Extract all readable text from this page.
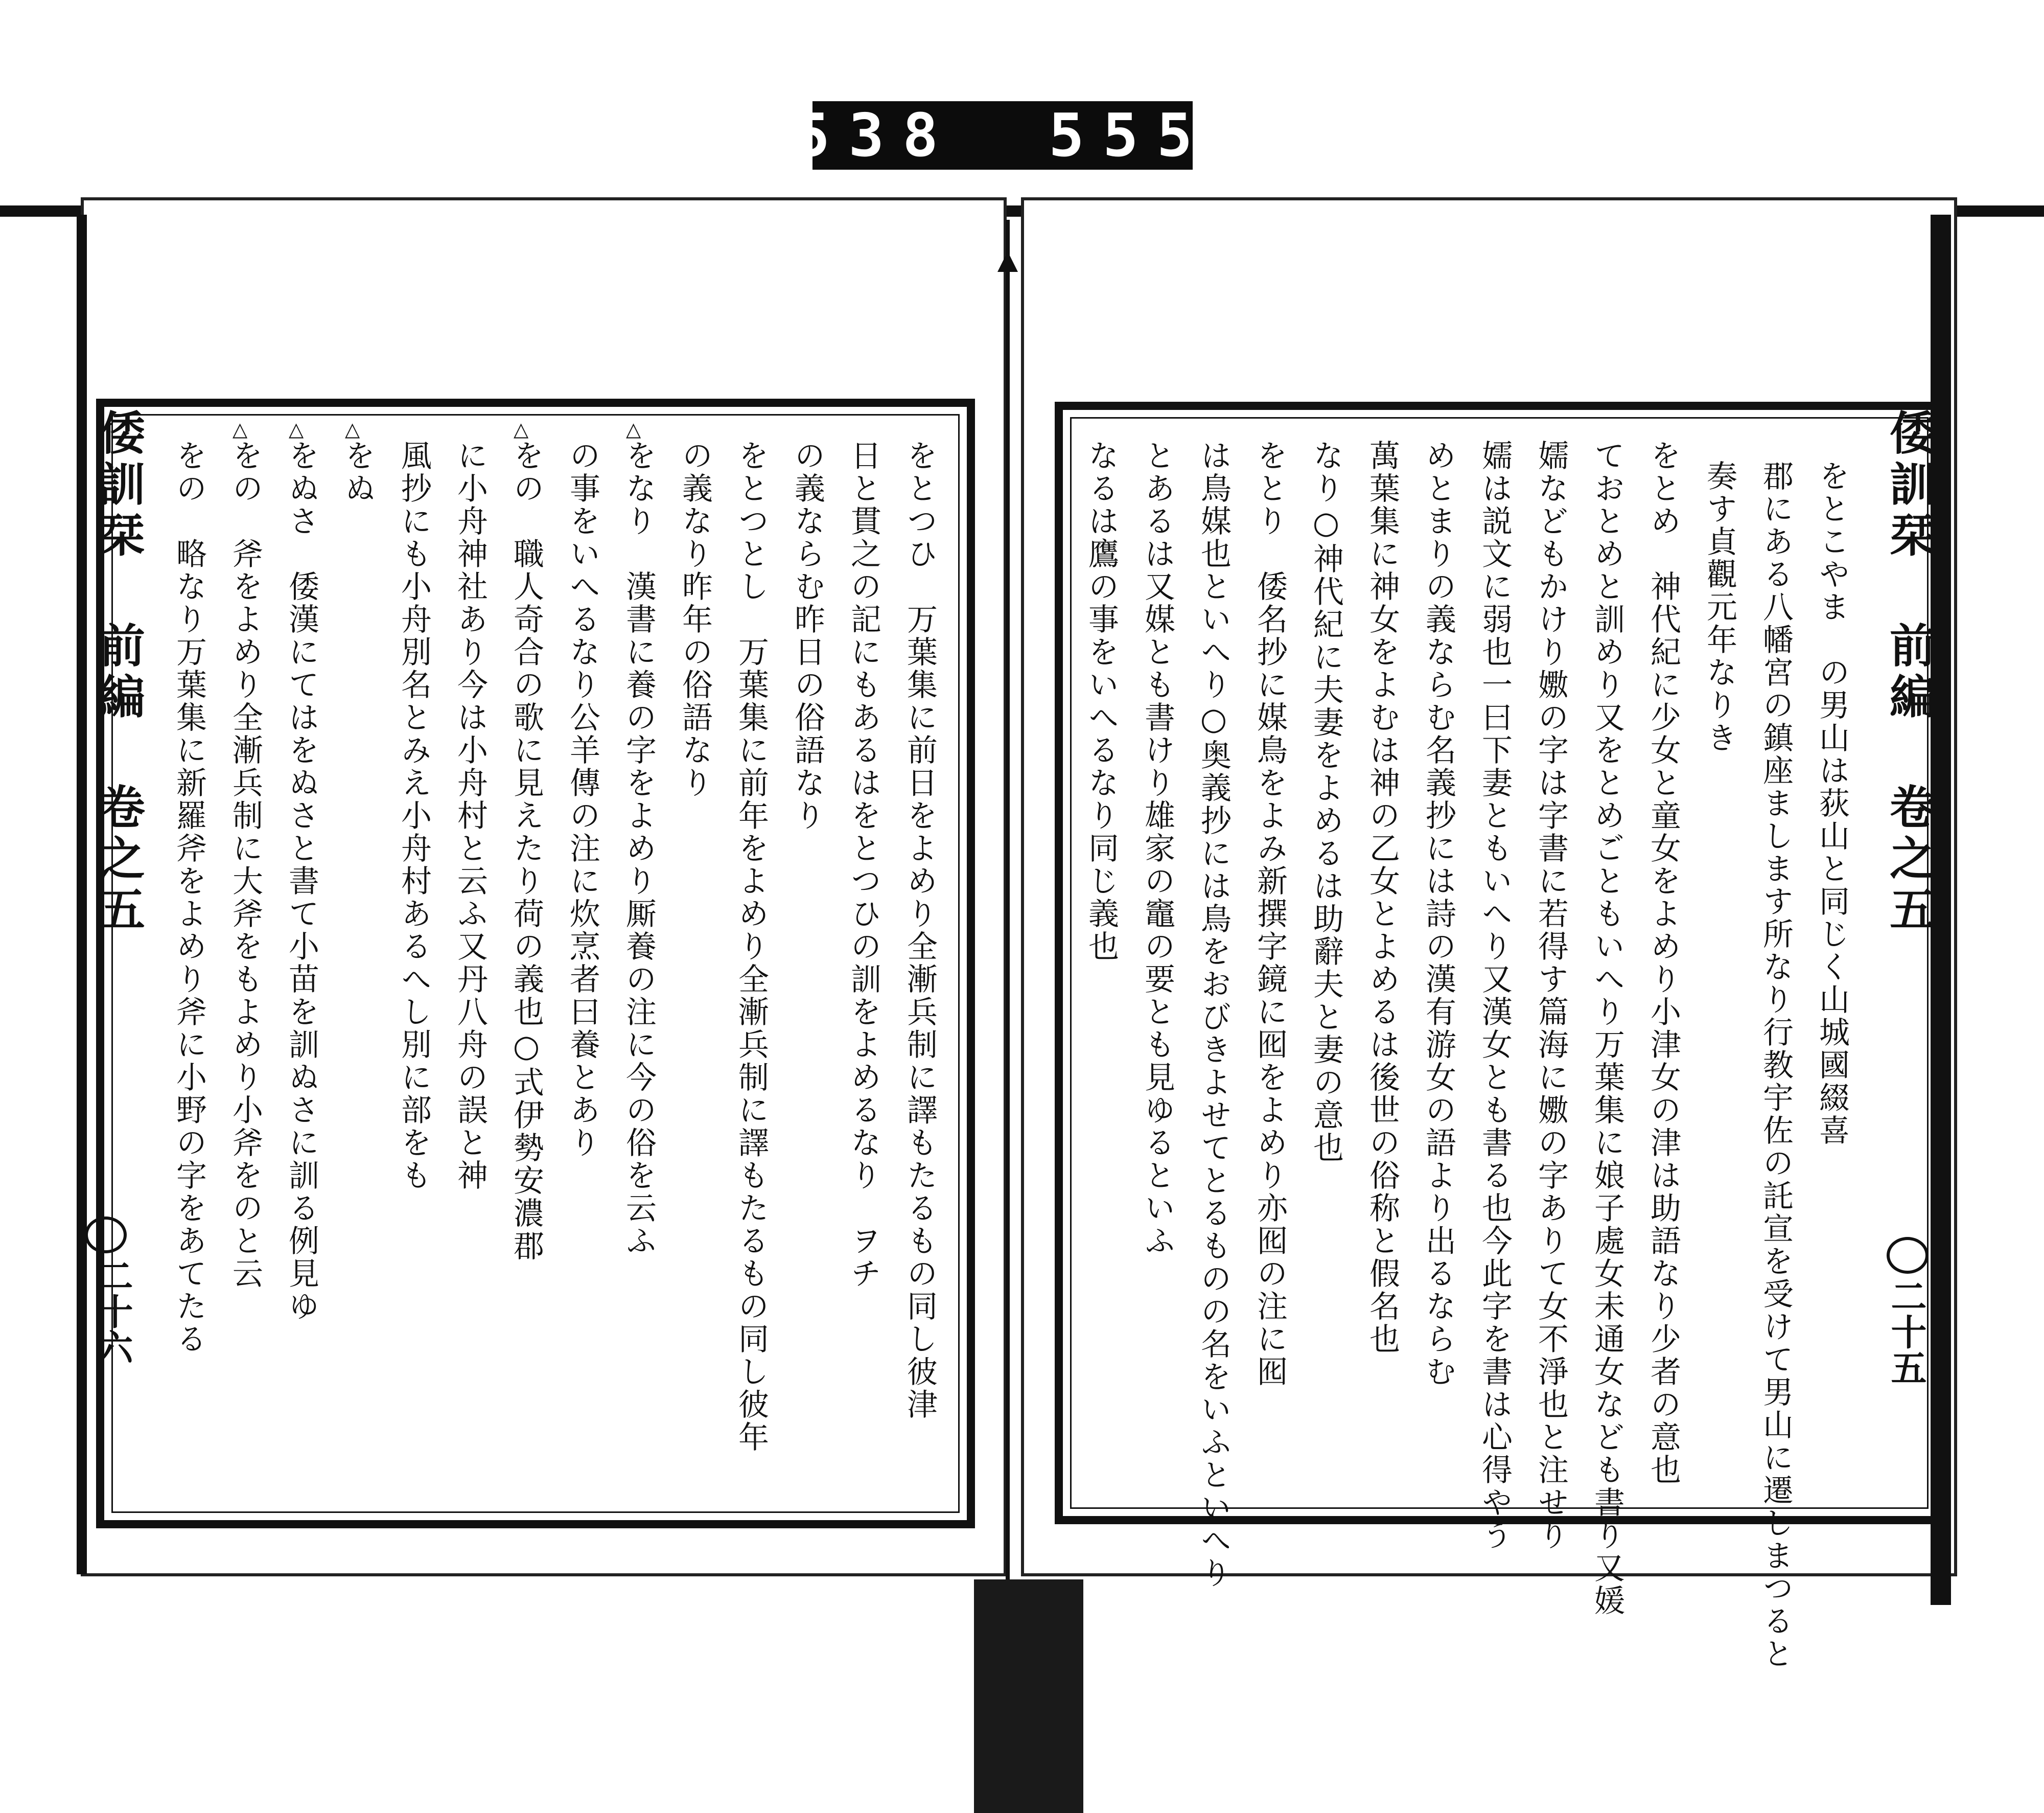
538 555
倭訓栞 前編 卷之五
二十五
をとこやま　の男山は荻山と同じく山城國綴喜
郡にある八幡宮の鎮座まします所なり行教宇佐の託宣を受けて男山に遷しまつると
奏す貞觀元年なりき
をとめ　神代紀に少女と童女をよめり小津女の津は助語なり少者の意也
ておとめと訓めり又をとめごともいへり万葉集に娘子處女未通女なども書り又媛
嬬などもかけり嫐の字は字書に若得す篇海に嫐の字ありて女不淨也と注せり
嬬は説文に弱也一曰下妻ともいへり又漢女とも書る也今此字を書は心得やう
めとまりの義ならむ名義抄には詩の漢有游女の語より出るならむ
萬葉集に神女をよむは神の乙女とよめるは後世の俗称と假名也
なり○神代紀に夫妻をよめるは助辭夫と妻の意也
をとり　倭名抄に媒鳥をよみ新撰字鏡に囮をよめり亦囮の注に囮
は鳥媒也といへり○奥義抄には鳥をおびきよせてとるものの名をいふといへり
とあるは又媒とも書けり雄家の竈の要とも見ゆるといふ
なるは鷹の事をいへるなり同じ義也
倭訓栞 前編 卷之五
二十六	をとつひ　万葉集に前日をよめり全漸兵制に譯もたるもの同し彼津
日と貫之の記にもあるはをとつひの訓をよめるなり　ヲチ
の義ならむ昨日の俗語なり
をとつとし　万葉集に前年をよめり全漸兵制に譯もたるもの同し彼年
の義なり昨年の俗語なり
をなり　漢書に養の字をよめり厮養の注に今の俗を云ふ
の事をいへるなり公羊傳の注に炊烹者曰養とあり
をの　職人奇合の歌に見えたり荷の義也○式伊勢安濃郡
に小舟神社あり今は小舟村と云ふ又丹八舟の誤と神
風抄にも小舟別名とみえ小舟村あるへし別に部をも
をぬ
をぬさ　倭漢にてはをぬさと書て小苗を訓ぬさに訓る例見ゆ
をの　斧をよめり全漸兵制に大斧をもよめり小斧をのと云
をの　略なり万葉集に新羅斧をよめり斧に小野の字をあてたる
△
△
△
△
△
